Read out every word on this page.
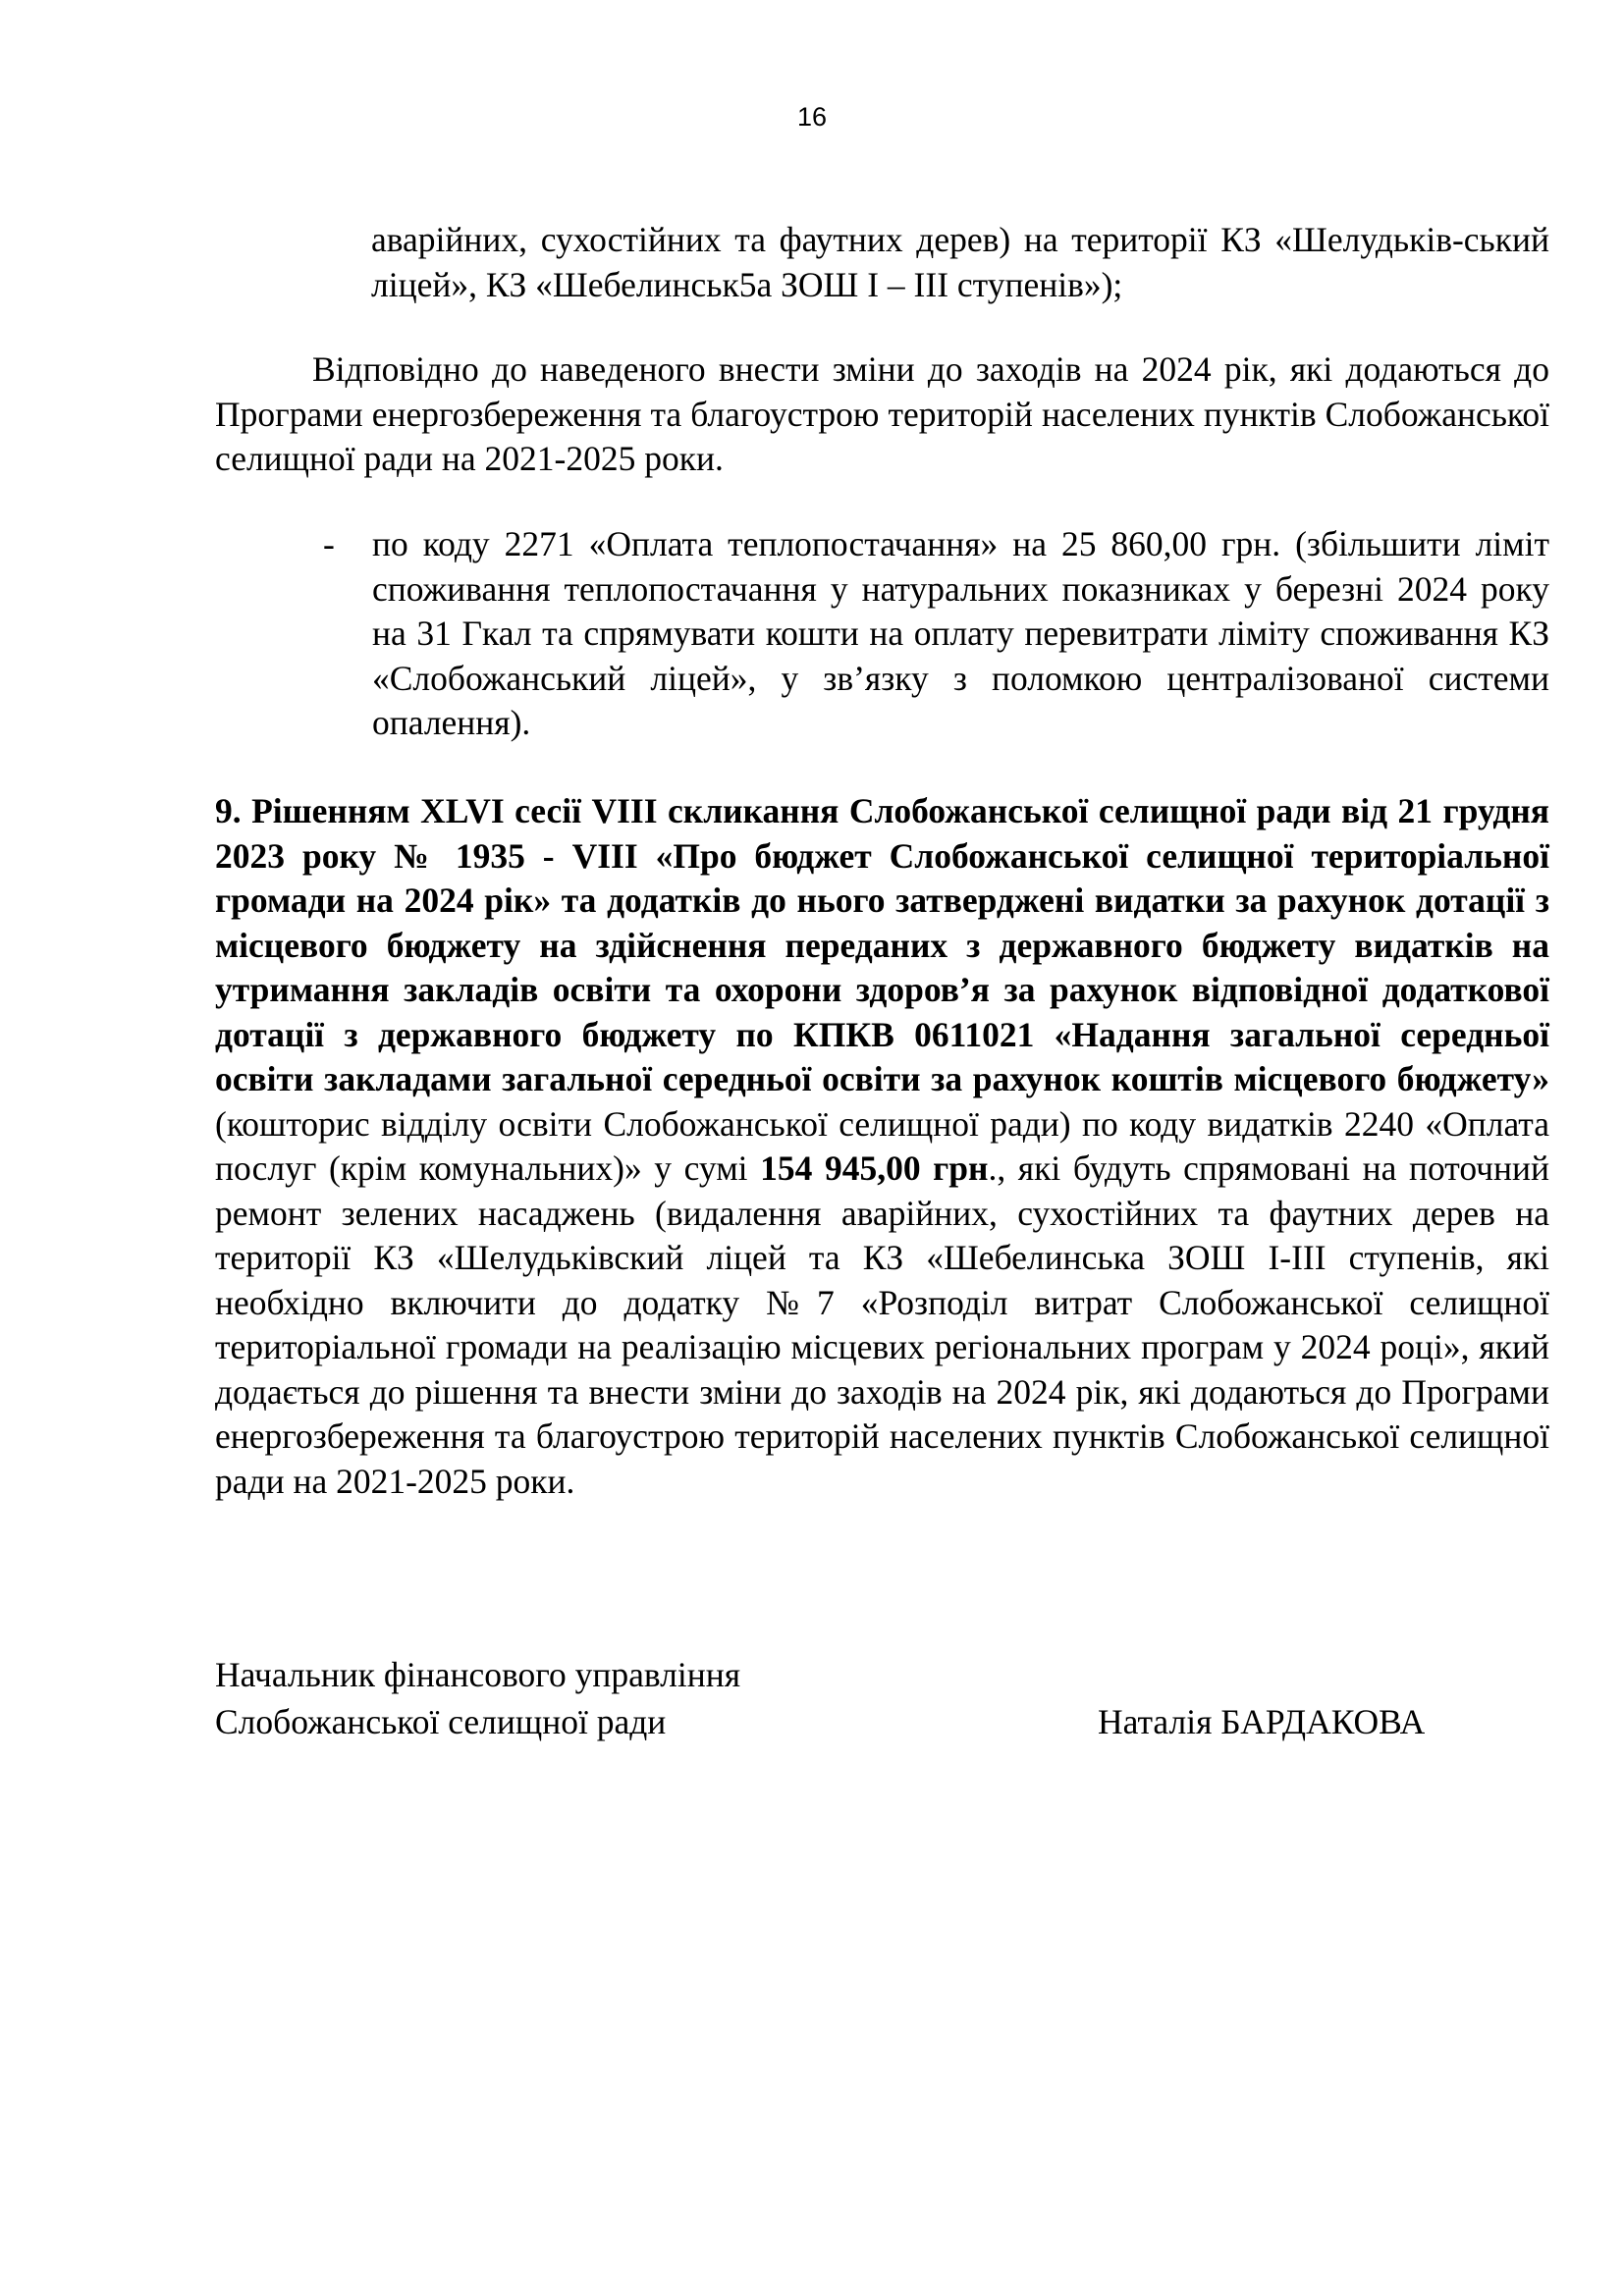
16

аварійних, сухостійних та фаутних дерев) на території КЗ «Шелудьків-ський ліцей», КЗ «Шебелинськ5а ЗОШ І – ІІІ ступенів»);

Відповідно до наведеного внести зміни до заходів на 2024 рік, які додаються до Програми енергозбереження та благоустрою територій населених пунктів Слобожанської селищної ради на 2021-2025 роки.

-	по коду 2271 «Оплата теплопостачання» на 25 860,00 грн. (збільшити ліміт споживання теплопостачання у натуральних показниках у березні 2024 року на 31 Гкал та спрямувати кошти на оплату перевитрати ліміту споживання КЗ «Слобожанський ліцей», у зв’язку з поломкою централізованої системи опалення).

9. Рішенням XLVI сесії VIII скликання Слобожанської селищної ради від 21 грудня 2023 року № 1935 - VIII «Про бюджет Слобожанської селищної територіальної громади на 2024 рік» та додатків до нього затверджені видатки за рахунок дотації з місцевого бюджету на здійснення переданих з державного бюджету видатків на утримання закладів освіти та охорони здоров’я за рахунок відповідної додаткової дотації з державного бюджету по КПКВ 0611021 «Надання загальної середньої освіти закладами загальної середньої освіти за рахунок коштів місцевого бюджету» (кошторис відділу освіти Слобожанської селищної ради) по коду видатків 2240 «Оплата послуг (крім комунальних)» у сумі 154 945,00 грн., які будуть спрямовані на поточний ремонт зелених насаджень (видалення аварійних, сухостійних та фаутних дерев на території КЗ «Шелудьківский ліцей та КЗ «Шебелинська ЗОШ І-ІІІ ступенів, які необхідно включити до додатку №7 «Розподіл витрат Слобожанської селищної територіальної громади на реалізацію місцевих регіональних програм у 2024 році», який додається до рішення та внести зміни до заходів на 2024 рік, які додаються до Програми енергозбереження та благоустрою територій населених пунктів Слобожанської селищної ради на 2021-2025 роки.

Начальник фінансового управління
Слобожанської селищної ради	Наталія БАРДАКОВА
